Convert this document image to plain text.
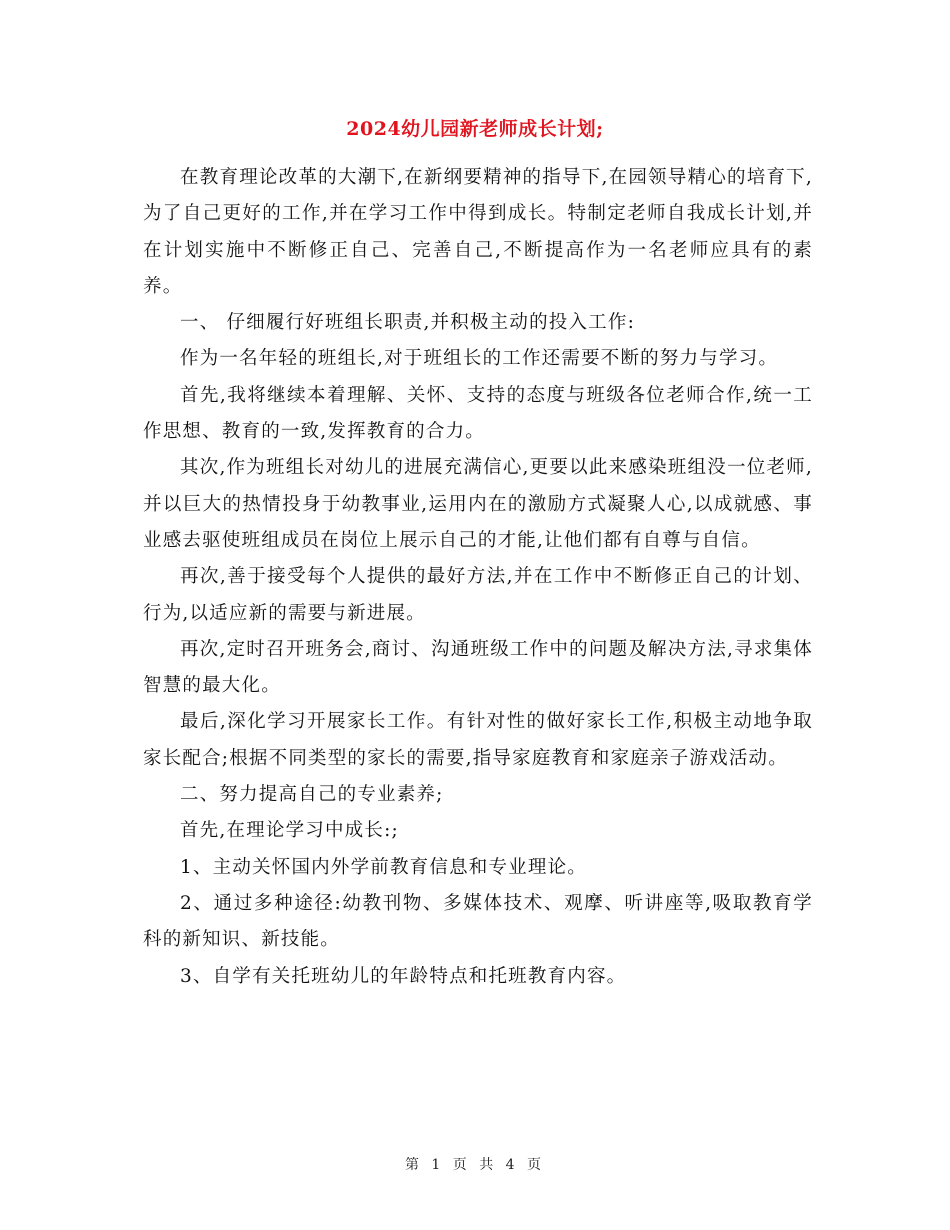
2024幼儿园新老师成长计划;

在教育理论改革的大潮下,在新纲要精神的指导下,在园领导精心的培育下,为了自己更好的工作,并在学习工作中得到成长。特制定老师自我成长计划,并在计划实施中不断修正自己、完善自己,不断提高作为一名老师应具有的素养。

一、 仔细履行好班组长职责,并积极主动的投入工作:

作为一名年轻的班组长,对于班组长的工作还需要不断的努力与学习。

首先,我将继续本着理解、关怀、支持的态度与班级各位老师合作,统一工作思想、教育的一致,发挥教育的合力。

其次,作为班组长对幼儿的进展充满信心,更要以此来感染班组没一位老师,并以巨大的热情投身于幼教事业,运用内在的激励方式凝聚人心,以成就感、事业感去驱使班组成员在岗位上展示自己的才能,让他们都有自尊与自信。

再次,善于接受每个人提供的最好方法,并在工作中不断修正自己的计划、行为,以适应新的需要与新进展。

再次,定时召开班务会,商讨、沟通班级工作中的问题及解决方法,寻求集体智慧的最大化。

最后,深化学习开展家长工作。有针对性的做好家长工作,积极主动地争取家长配合;根据不同类型的家长的需要,指导家庭教育和家庭亲子游戏活动。

二、努力提高自己的专业素养;

首先,在理论学习中成长:;

1、主动关怀国内外学前教育信息和专业理论。

2、通过多种途径:幼教刊物、多媒体技术、观摩、听讲座等,吸取教育学科的新知识、新技能。

3、自学有关托班幼儿的年龄特点和托班教育内容。

第 1 页 共 4 页
